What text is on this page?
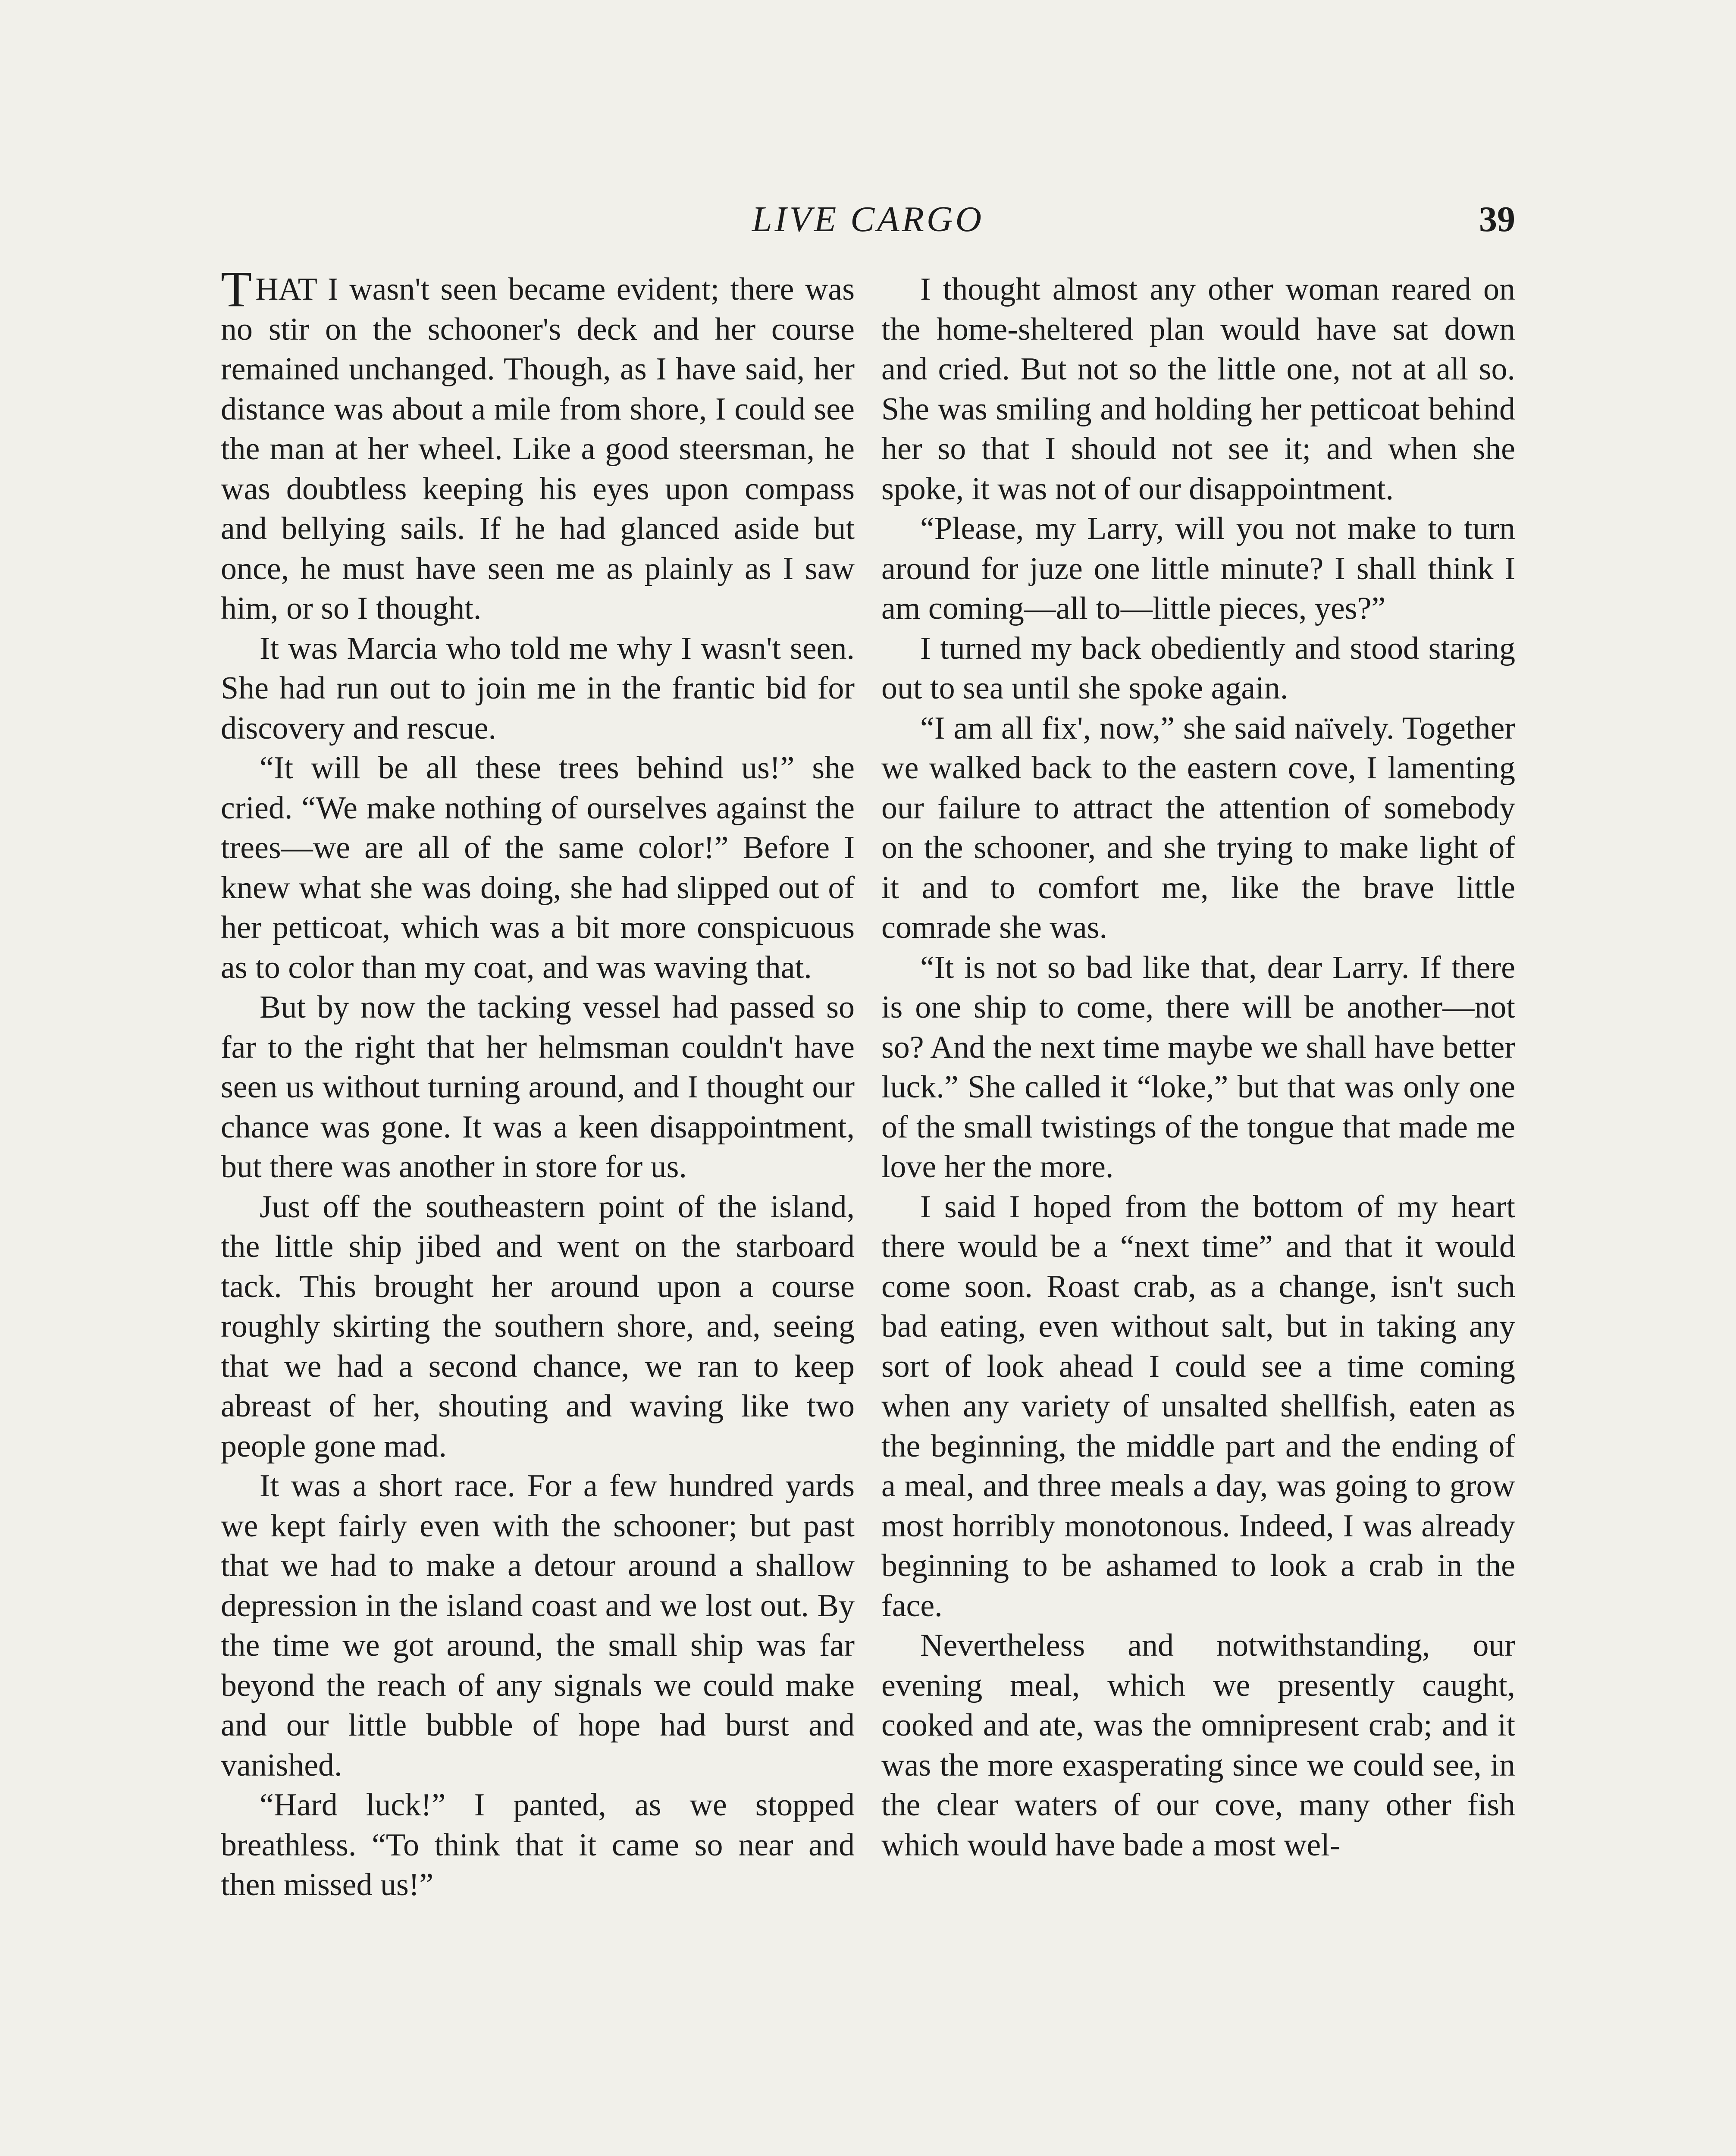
LIVE CARGO	39

THAT I wasn't seen became evident; there was no stir on the schooner's deck and her course remained unchanged. Though, as I have said, her distance was about a mile from shore, I could see the man at her wheel. Like a good steersman, he was doubtless keeping his eyes upon compass and bellying sails. If he had glanced aside but once, he must have seen me as plainly as I saw him, or so I thought.

It was Marcia who told me why I wasn't seen. She had run out to join me in the frantic bid for discovery and rescue.

“It will be all these trees behind us!” she cried. “We make nothing of ourselves against the trees—we are all of the same color!” Before I knew what she was doing, she had slipped out of her petticoat, which was a bit more conspicuous as to color than my coat, and was waving that.

But by now the tacking vessel had passed so far to the right that her helmsman couldn't have seen us without turning around, and I thought our chance was gone. It was a keen disappointment, but there was another in store for us.

Just off the southeastern point of the island, the little ship jibed and went on the starboard tack. This brought her around upon a course roughly skirting the southern shore, and, seeing that we had a second chance, we ran to keep abreast of her, shouting and waving like two people gone mad.

It was a short race. For a few hundred yards we kept fairly even with the schooner; but past that we had to make a detour around a shallow depression in the island coast and we lost out. By the time we got around, the small ship was far beyond the reach of any signals we could make and our little bubble of hope had burst and vanished.

“Hard luck!” I panted, as we stopped breathless. “To think that it came so near and then missed us!”

I thought almost any other woman reared on the home-sheltered plan would have sat down and cried. But not so the little one, not at all so. She was smiling and holding her petticoat behind her so that I should not see it; and when she spoke, it was not of our disappointment.

“Please, my Larry, will you not make to turn around for juze one little minute? I shall think I am coming—all to—little pieces, yes?”

I turned my back obediently and stood staring out to sea until she spoke again.

“I am all fix', now,” she said naïvely. Together we walked back to the eastern cove, I lamenting our failure to attract the attention of somebody on the schooner, and she trying to make light of it and to comfort me, like the brave little comrade she was.

“It is not so bad like that, dear Larry. If there is one ship to come, there will be another—not so? And the next time maybe we shall have better luck.” She called it “loke,” but that was only one of the small twistings of the tongue that made me love her the more.

I said I hoped from the bottom of my heart there would be a “next time” and that it would come soon. Roast crab, as a change, isn't such bad eating, even without salt, but in taking any sort of look ahead I could see a time coming when any variety of unsalted shellfish, eaten as the beginning, the middle part and the ending of a meal, and three meals a day, was going to grow most horribly monotonous. Indeed, I was already beginning to be ashamed to look a crab in the face.

Nevertheless and notwithstanding, our evening meal, which we presently caught, cooked and ate, was the omnipresent crab; and it was the more exasperating since we could see, in the clear waters of our cove, many other fish which would have bade a most wel-
